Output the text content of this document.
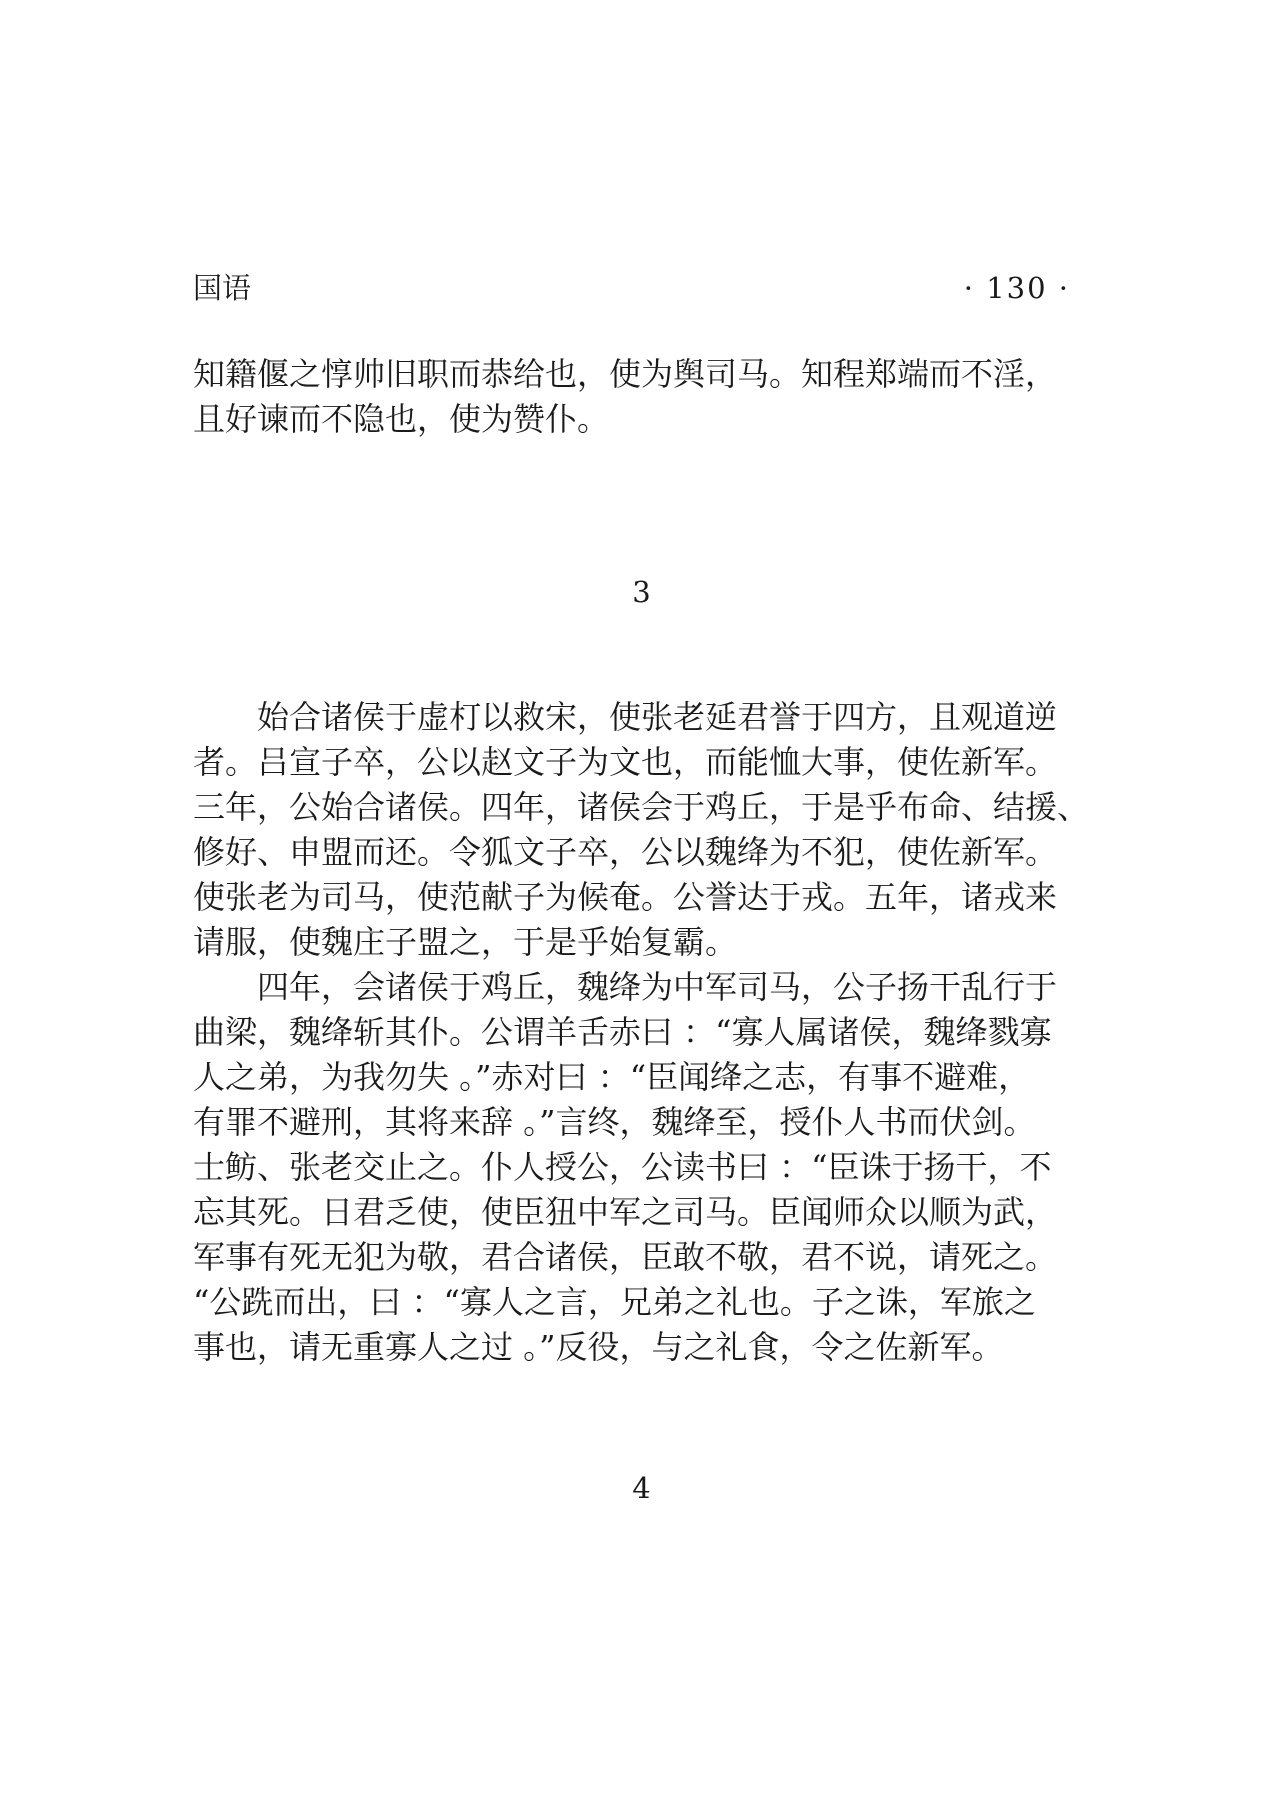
国语	· 130 ·
知籍偃之惇帅旧职而恭给也，使为舆司马。知程郑端而不淫，
且好谏而不隐也，使为赞仆。
3
始合诸侯于虚朾以救宋，使张老延君誉于四方，且观道逆
者。吕宣子卒，公以赵文子为文也，而能恤大事，使佐新军。
三年，公始合诸侯。四年，诸侯会于鸡丘，于是乎布命、结援、
修好、申盟而还。令狐文子卒，公以魏绛为不犯，使佐新军。
使张老为司马，使范献子为候奄。公誉达于戎。五年，诸戎来
请服，使魏庄子盟之，于是乎始复霸。
四年，会诸侯于鸡丘，魏绛为中军司马，公子扬干乱行于
曲梁，魏绛斩其仆。公谓羊舌赤曰 ：“寡人属诸侯，魏绛戮寡
人之弟，为我勿失 。”赤对曰 ：“臣闻绛之志，有事不避难，
有罪不避刑，其将来辞 。”言终，魏绛至，授仆人书而伏剑。
士鲂、张老交止之。仆人授公，公读书曰 ：“臣诛于扬干，不
忘其死。日君乏使，使臣狃中军之司马。臣闻师众以顺为武，
军事有死无犯为敬，君合诸侯，臣敢不敬，君不说，请死之。
“公跣而出，曰 ：“寡人之言，兄弟之礼也。子之诛，军旅之
事也，请无重寡人之过 。”反役，与之礼食，令之佐新军。
4
